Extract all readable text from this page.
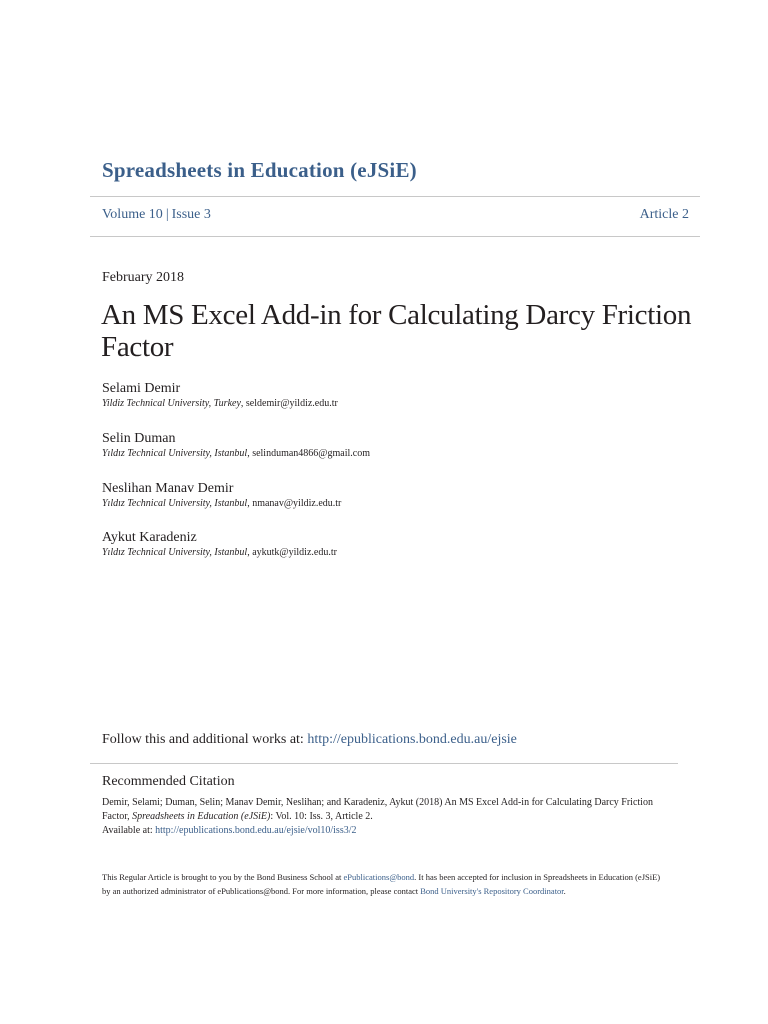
Spreadsheets in Education (eJSiE)
Volume 10 | Issue 3	Article 2
February 2018
An MS Excel Add-in for Calculating Darcy Friction Factor
Selami Demir
Yildiz Technical University, Turkey, seldemir@yildiz.edu.tr
Selin Duman
Yıldız Technical University, Istanbul, selinduman4866@gmail.com
Neslihan Manav Demir
Yıldız Technical University, Istanbul, nmanav@yildiz.edu.tr
Aykut Karadeniz
Yıldız Technical University, Istanbul, aykutk@yildiz.edu.tr
Follow this and additional works at: http://epublications.bond.edu.au/ejsie
Recommended Citation
Demir, Selami; Duman, Selin; Manav Demir, Neslihan; and Karadeniz, Aykut (2018) An MS Excel Add-in for Calculating Darcy Friction Factor, Spreadsheets in Education (eJSiE): Vol. 10: Iss. 3, Article 2.
Available at: http://epublications.bond.edu.au/ejsie/vol10/iss3/2
This Regular Article is brought to you by the Bond Business School at ePublications@bond. It has been accepted for inclusion in Spreadsheets in Education (eJSiE) by an authorized administrator of ePublications@bond. For more information, please contact Bond University's Repository Coordinator.
